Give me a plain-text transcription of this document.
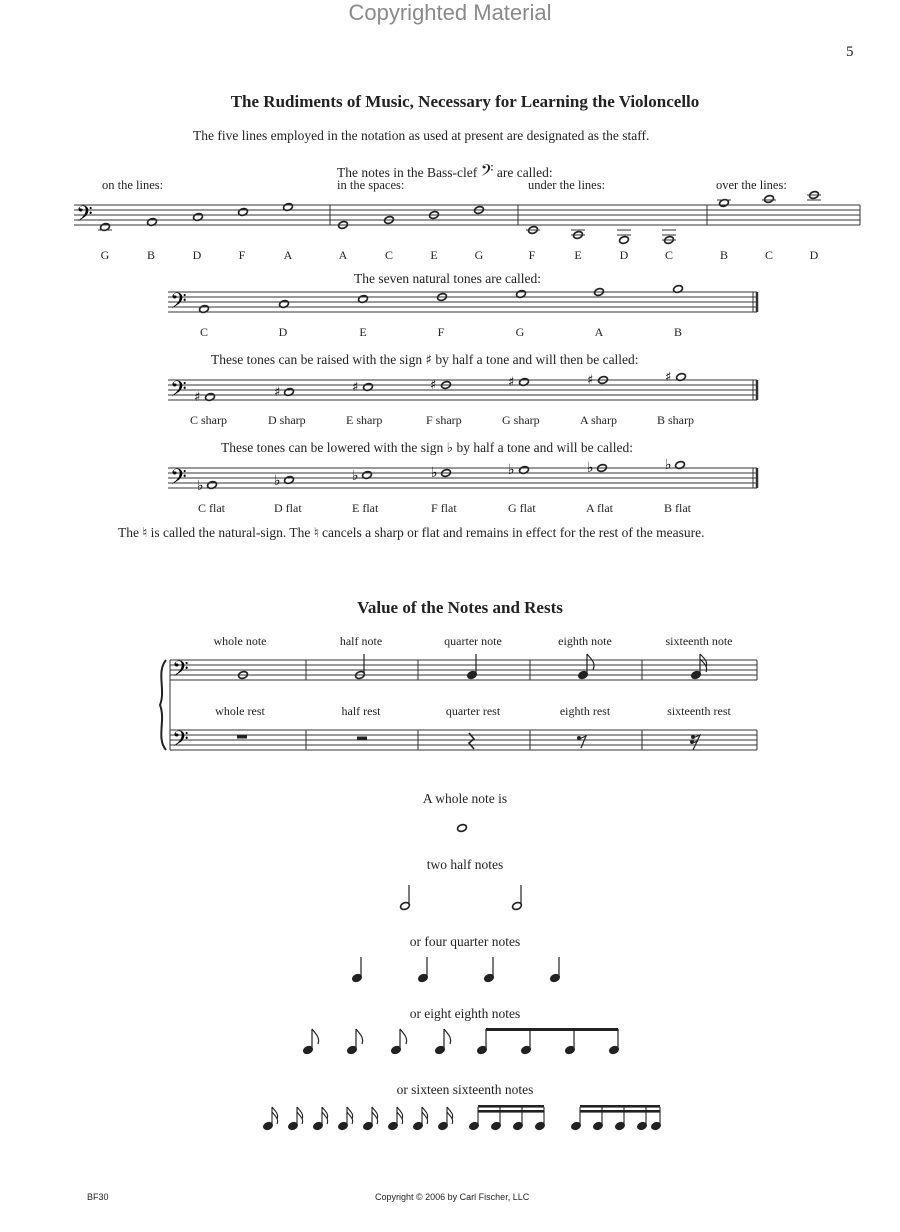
Copyrighted Material
5
The Rudiments of Music, Necessary for Learning the Violoncello
The five lines employed in the notation as used at present are designated as the staff.
The notes in the Bass-clef 𝄢 are called:
on the lines:	in the spaces:	under the lines:	over the lines:
G	B	D	F	A	A	C	E	G	F	E	D	C	B	C	D
The seven natural tones are called:
C	D	E	F	G	A	B
These tones can be raised with the sign ♯ by half a tone and will then be called:
C sharp	D sharp	E sharp	F sharp	G sharp	A sharp	B sharp
These tones can be lowered with the sign ♭ by half a tone and will be called:
C flat	D flat	E flat	F flat	G flat	A flat	B flat
The ♮ is called the natural-sign. The ♮ cancels a sharp or flat and remains in effect for the rest of the measure.
Value of the Notes and Rests
whole note	half note	quarter note	eighth note	sixteenth note
whole rest	half rest	quarter rest	eighth rest	sixteenth rest
A whole note is
two half notes
or four quarter notes
or eight eighth notes
or sixteen sixteenth notes
BF30	Copyright © 2006 by Carl Fischer, LLC
𝄢
𝄢
𝄢 ♯	♯	♯	♯	♯	♯	♯
𝄢 ♭	♭	♭	♭	♭	♭	♭
𝄢
𝄢
